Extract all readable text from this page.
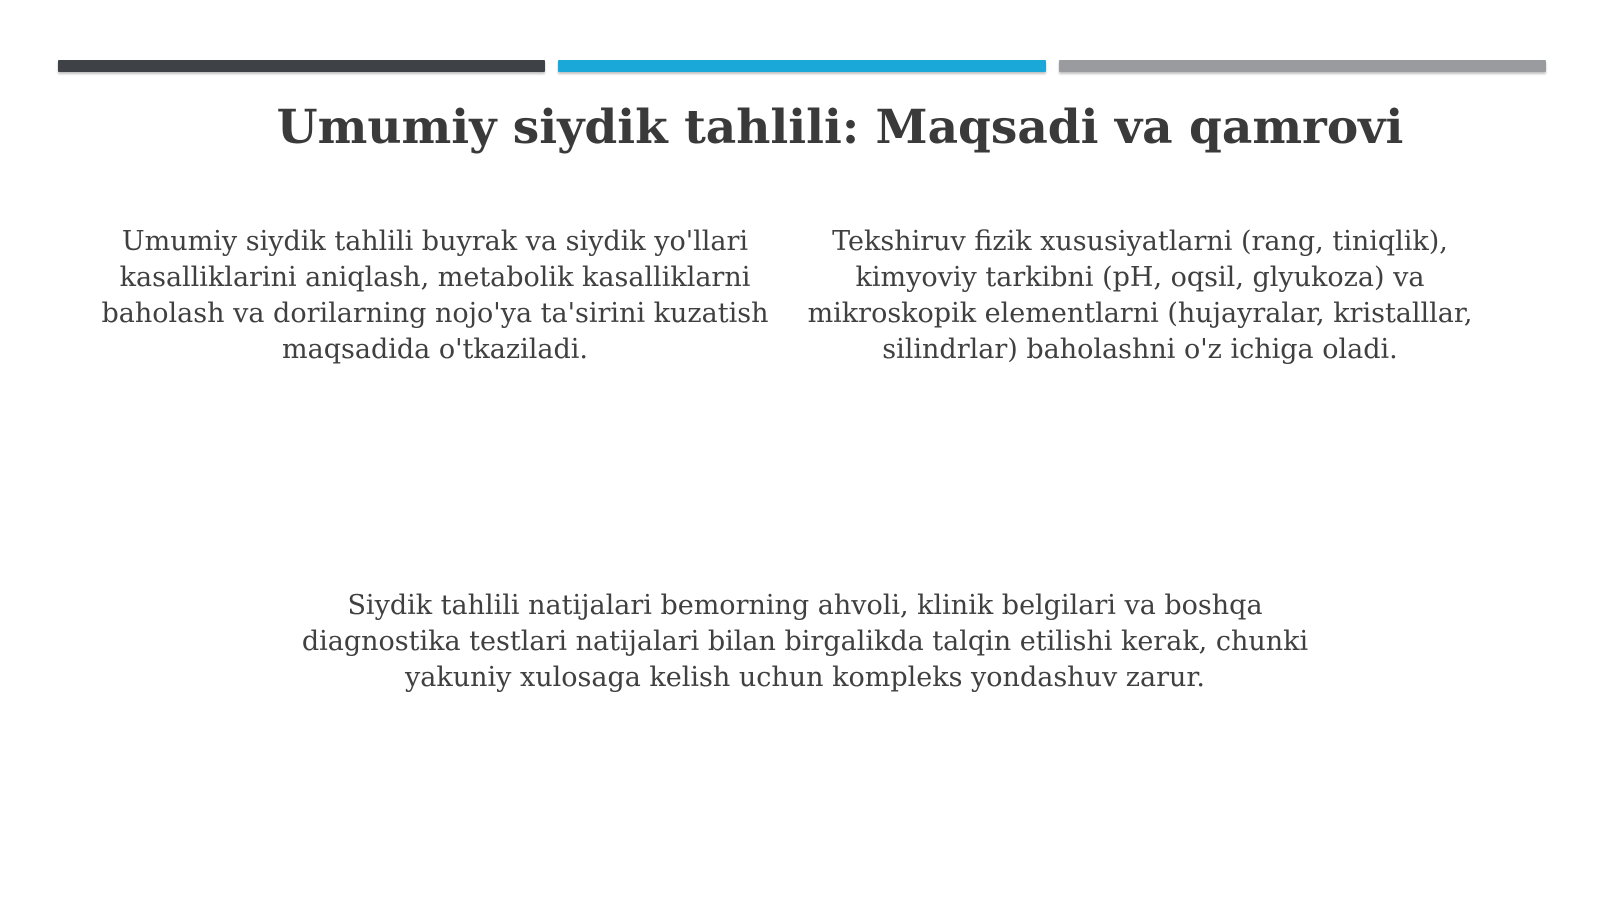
Umumiy siydik tahlili: Maqsadi va qamrovi

Umumiy siydik tahlili buyrak va siydik yo'llari kasalliklarini aniqlash, metabolik kasalliklarni baholash va dorilarning nojo'ya ta'sirini kuzatish maqsadida o'tkaziladi.

Tekshiruv fizik xususiyatlarni (rang, tiniqlik), kimyoviy tarkibni (pH, oqsil, glyukoza) va mikroskopik elementlarni (hujayralar, kristalllar, silindrlar) baholashni o'z ichiga oladi.

Siydik tahlili natijalari bemorning ahvoli, klinik belgilari va boshqa diagnostika testlari natijalari bilan birgalikda talqin etilishi kerak, chunki yakuniy xulosaga kelish uchun kompleks yondashuv zarur.
